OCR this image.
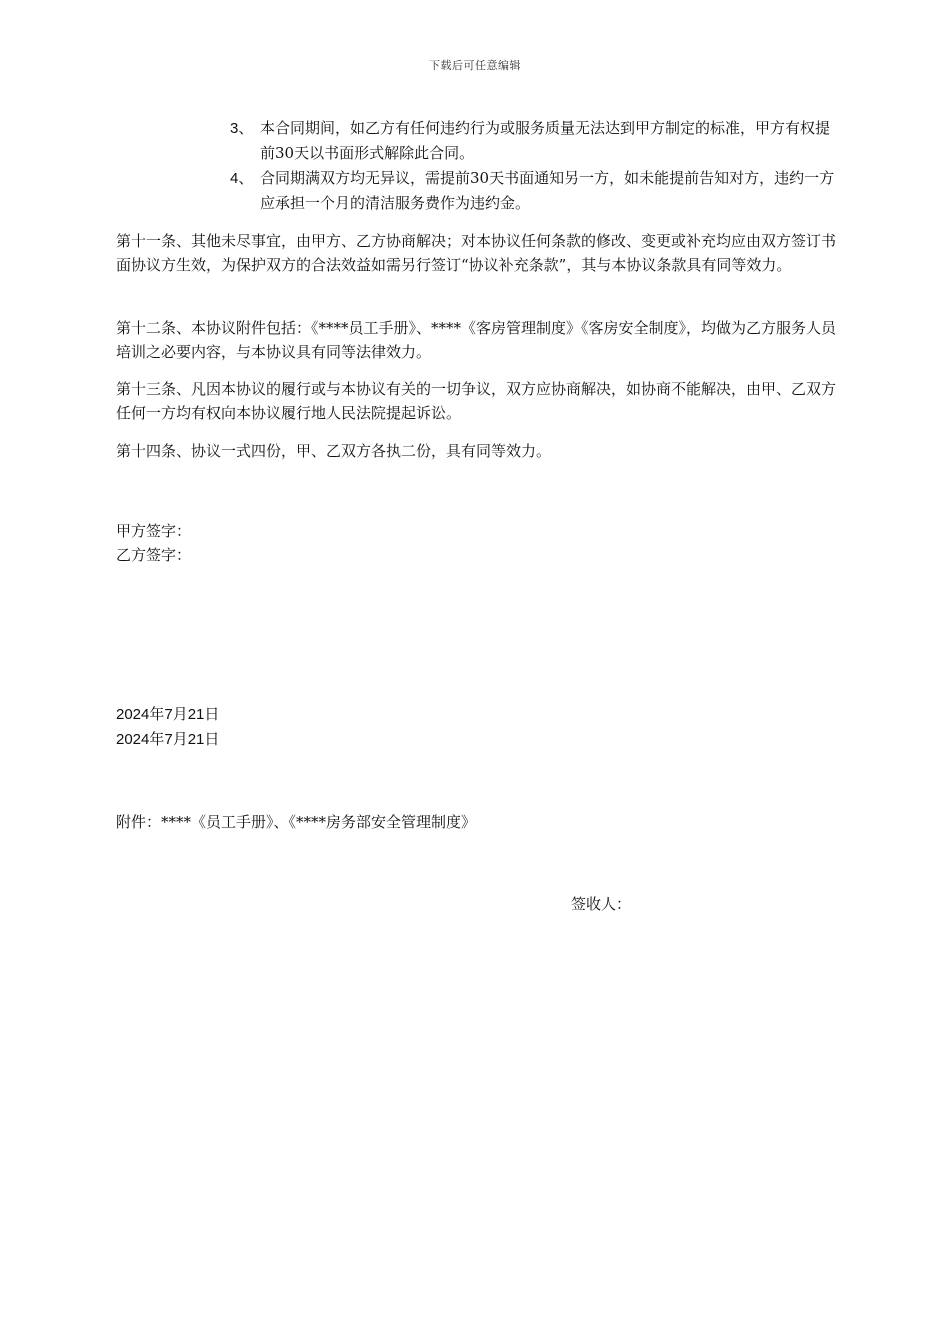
下载后可任意编辑
3、 本合同期间，如乙方有任何违约行为或服务质量无法达到甲方制定的标准，甲方有权提前30天以书面形式解除此合同。
4、 合同期满双方均无异议，需提前30天书面通知另一方，如未能提前告知对方，违约一方应承担一个月的清洁服务费作为违约金。
第十一条、其他未尽事宜，由甲方、乙方协商解决；对本协议任何条款的修改、变更或补充均应由双方签订书面协议方生效，为保护双方的合法效益如需另行签订“协议补充条款”，其与本协议条款具有同等效力。
第十二条、本协议附件包括：《****员工手册》、****《客房管理制度》《客房安全制度》，均做为乙方服务人员培训之必要内容，与本协议具有同等法律效力。
第十三条、凡因本协议的履行或与本协议有关的一切争议，双方应协商解决，如协商不能解决，由甲、乙双方任何一方均有权向本协议履行地人民法院提起诉讼。
第十四条、协议一式四份，甲、乙双方各执二份，具有同等效力。
甲方签字：
乙方签字：
2024年7月21日
2024年7月21日
附件：****《员工手册》、《****房务部安全管理制度》
签收人：
